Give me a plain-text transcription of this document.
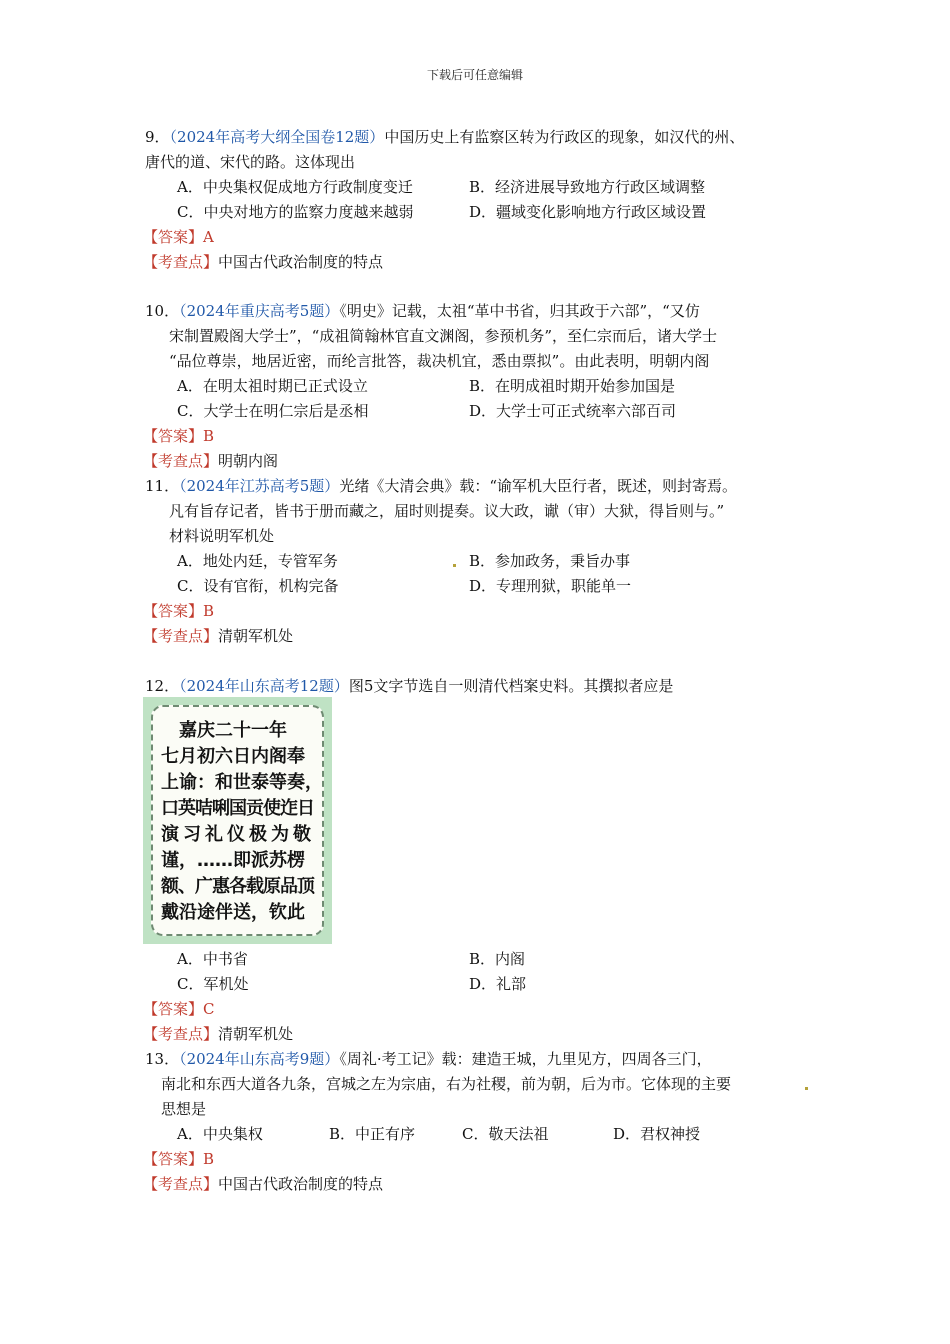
下载后可任意编辑
9．（2024年高考大纲全国卷12题）中国历史上有监察区转为行政区的现象，如汉代的州、
唐代的道、宋代的路。这体现出
A．中央集权促成地方行政制度变迁	B．经济进展导致地方行政区域调整
C．中央对地方的监察力度越来越弱	D．疆域变化影响地方行政区域设置
【答案】A
【考查点】中国古代政治制度的特点
10．（2024年重庆高考5题）《明史》记载，太祖“革中书省，归其政于六部”，“又仿
宋制置殿阁大学士”，“成祖简翰林官直文渊阁，参预机务”，至仁宗而后，诸大学士
“品位尊崇，地居近密，而纶言批答，裁决机宜，悉由票拟”。由此表明，明朝内阁
A．在明太祖时期已正式设立	B．在明成祖时期开始参加国是
C．大学士在明仁宗后是丞相	D．大学士可正式统率六部百司
【答案】B
【考查点】明朝内阁
11．（2024年江苏高考5题）光绪《大清会典》载：“谕军机大臣行者，既述，则封寄焉。
凡有旨存记者，皆书于册而藏之，届时则提奏。议大政，谳（审）大狱，得旨则与。”
材料说明军机处
A．地处内廷，专管军务	B．参加政务，秉旨办事
C．设有官衔，机构完备	D．专理刑狱，职能单一
【答案】B
【考查点】清朝军机处
12．（2024年山东高考12题）图5文字节选自一则清代档案史料。其撰拟者应是
嘉庆二十一年
七月初六日内阁奉
上谕：和世泰等奏，
口英咭唎国贡使迮日
演习礼仪极为敬
谨，……即派苏楞
额、广惠各载原品顶
戴沿途伴送，钦此
A．中书省	B．内阁
C．军机处	D．礼部
【答案】C
【考查点】清朝军机处
13．（2024年山东高考9题）《周礼·考工记》载：建造王城，九里见方，四周各三门，
南北和东西大道各九条，宫城之左为宗庙，右为社稷，前为朝，后为市。它体现的主要
思想是
A．中央集权	B．中正有序	C．敬天法祖	D．君权神授
【答案】B
【考查点】中国古代政治制度的特点
